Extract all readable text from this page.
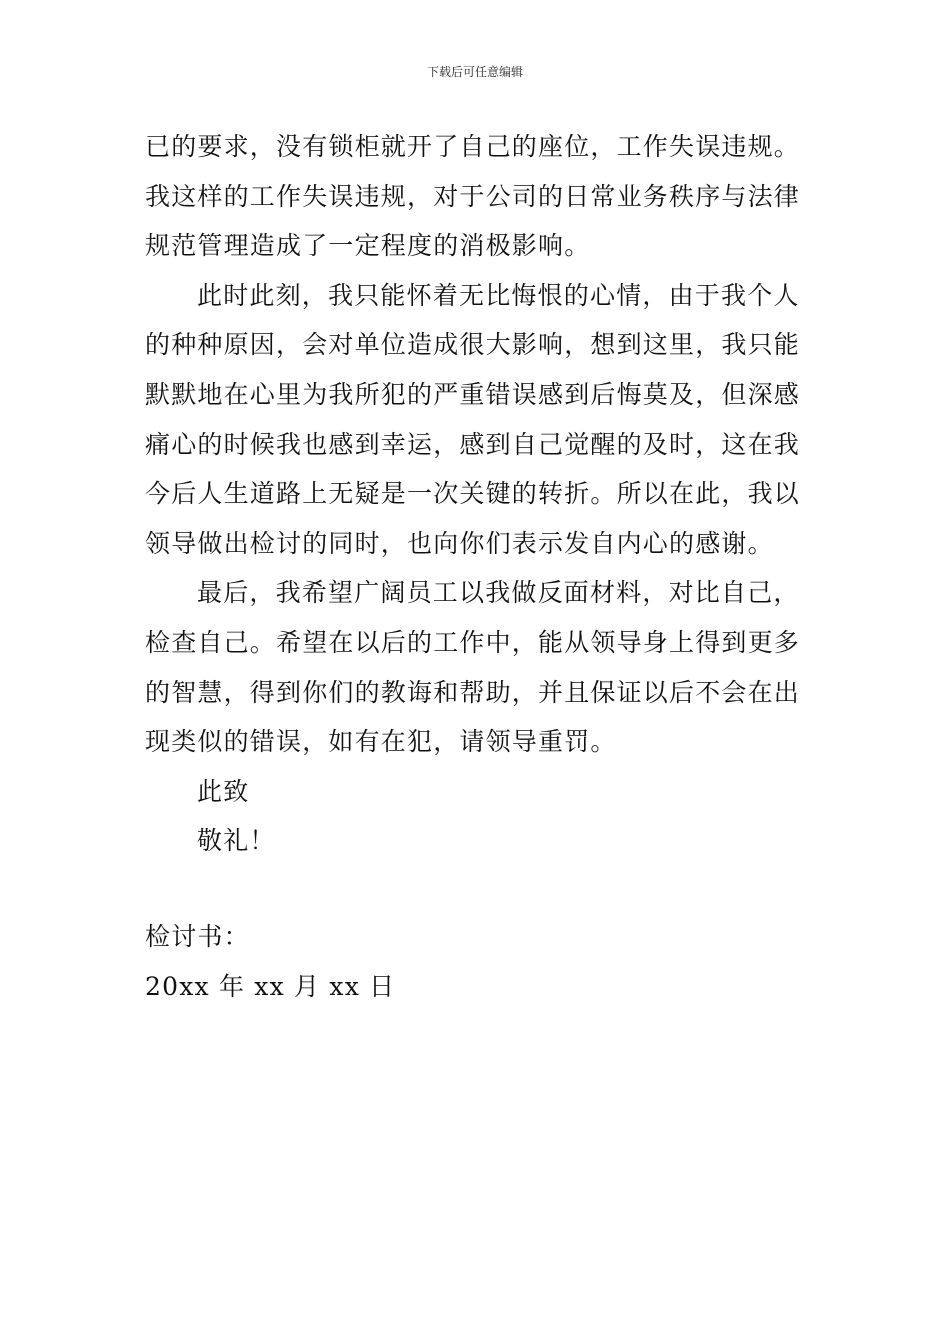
下载后可任意编辑
已的要求，没有锁柜就开了自己的座位，工作失误违规。
我这样的工作失误违规，对于公司的日常业务秩序与法律
规范管理造成了一定程度的消极影响。
此时此刻，我只能怀着无比悔恨的心情，由于我个人
的种种原因，会对单位造成很大影响，想到这里，我只能
默默地在心里为我所犯的严重错误感到后悔莫及，但深感
痛心的时候我也感到幸运，感到自己觉醒的及时，这在我
今后人生道路上无疑是一次关键的转折。所以在此，我以
领导做出检讨的同时，也向你们表示发自内心的感谢。
最后，我希望广阔员工以我做反面材料，对比自己，
检查自己。希望在以后的工作中，能从领导身上得到更多
的智慧，得到你们的教诲和帮助，并且保证以后不会在出
现类似的错误，如有在犯，请领导重罚。
此致
敬礼！
检讨书：
20xx 年 xx 月 xx 日
